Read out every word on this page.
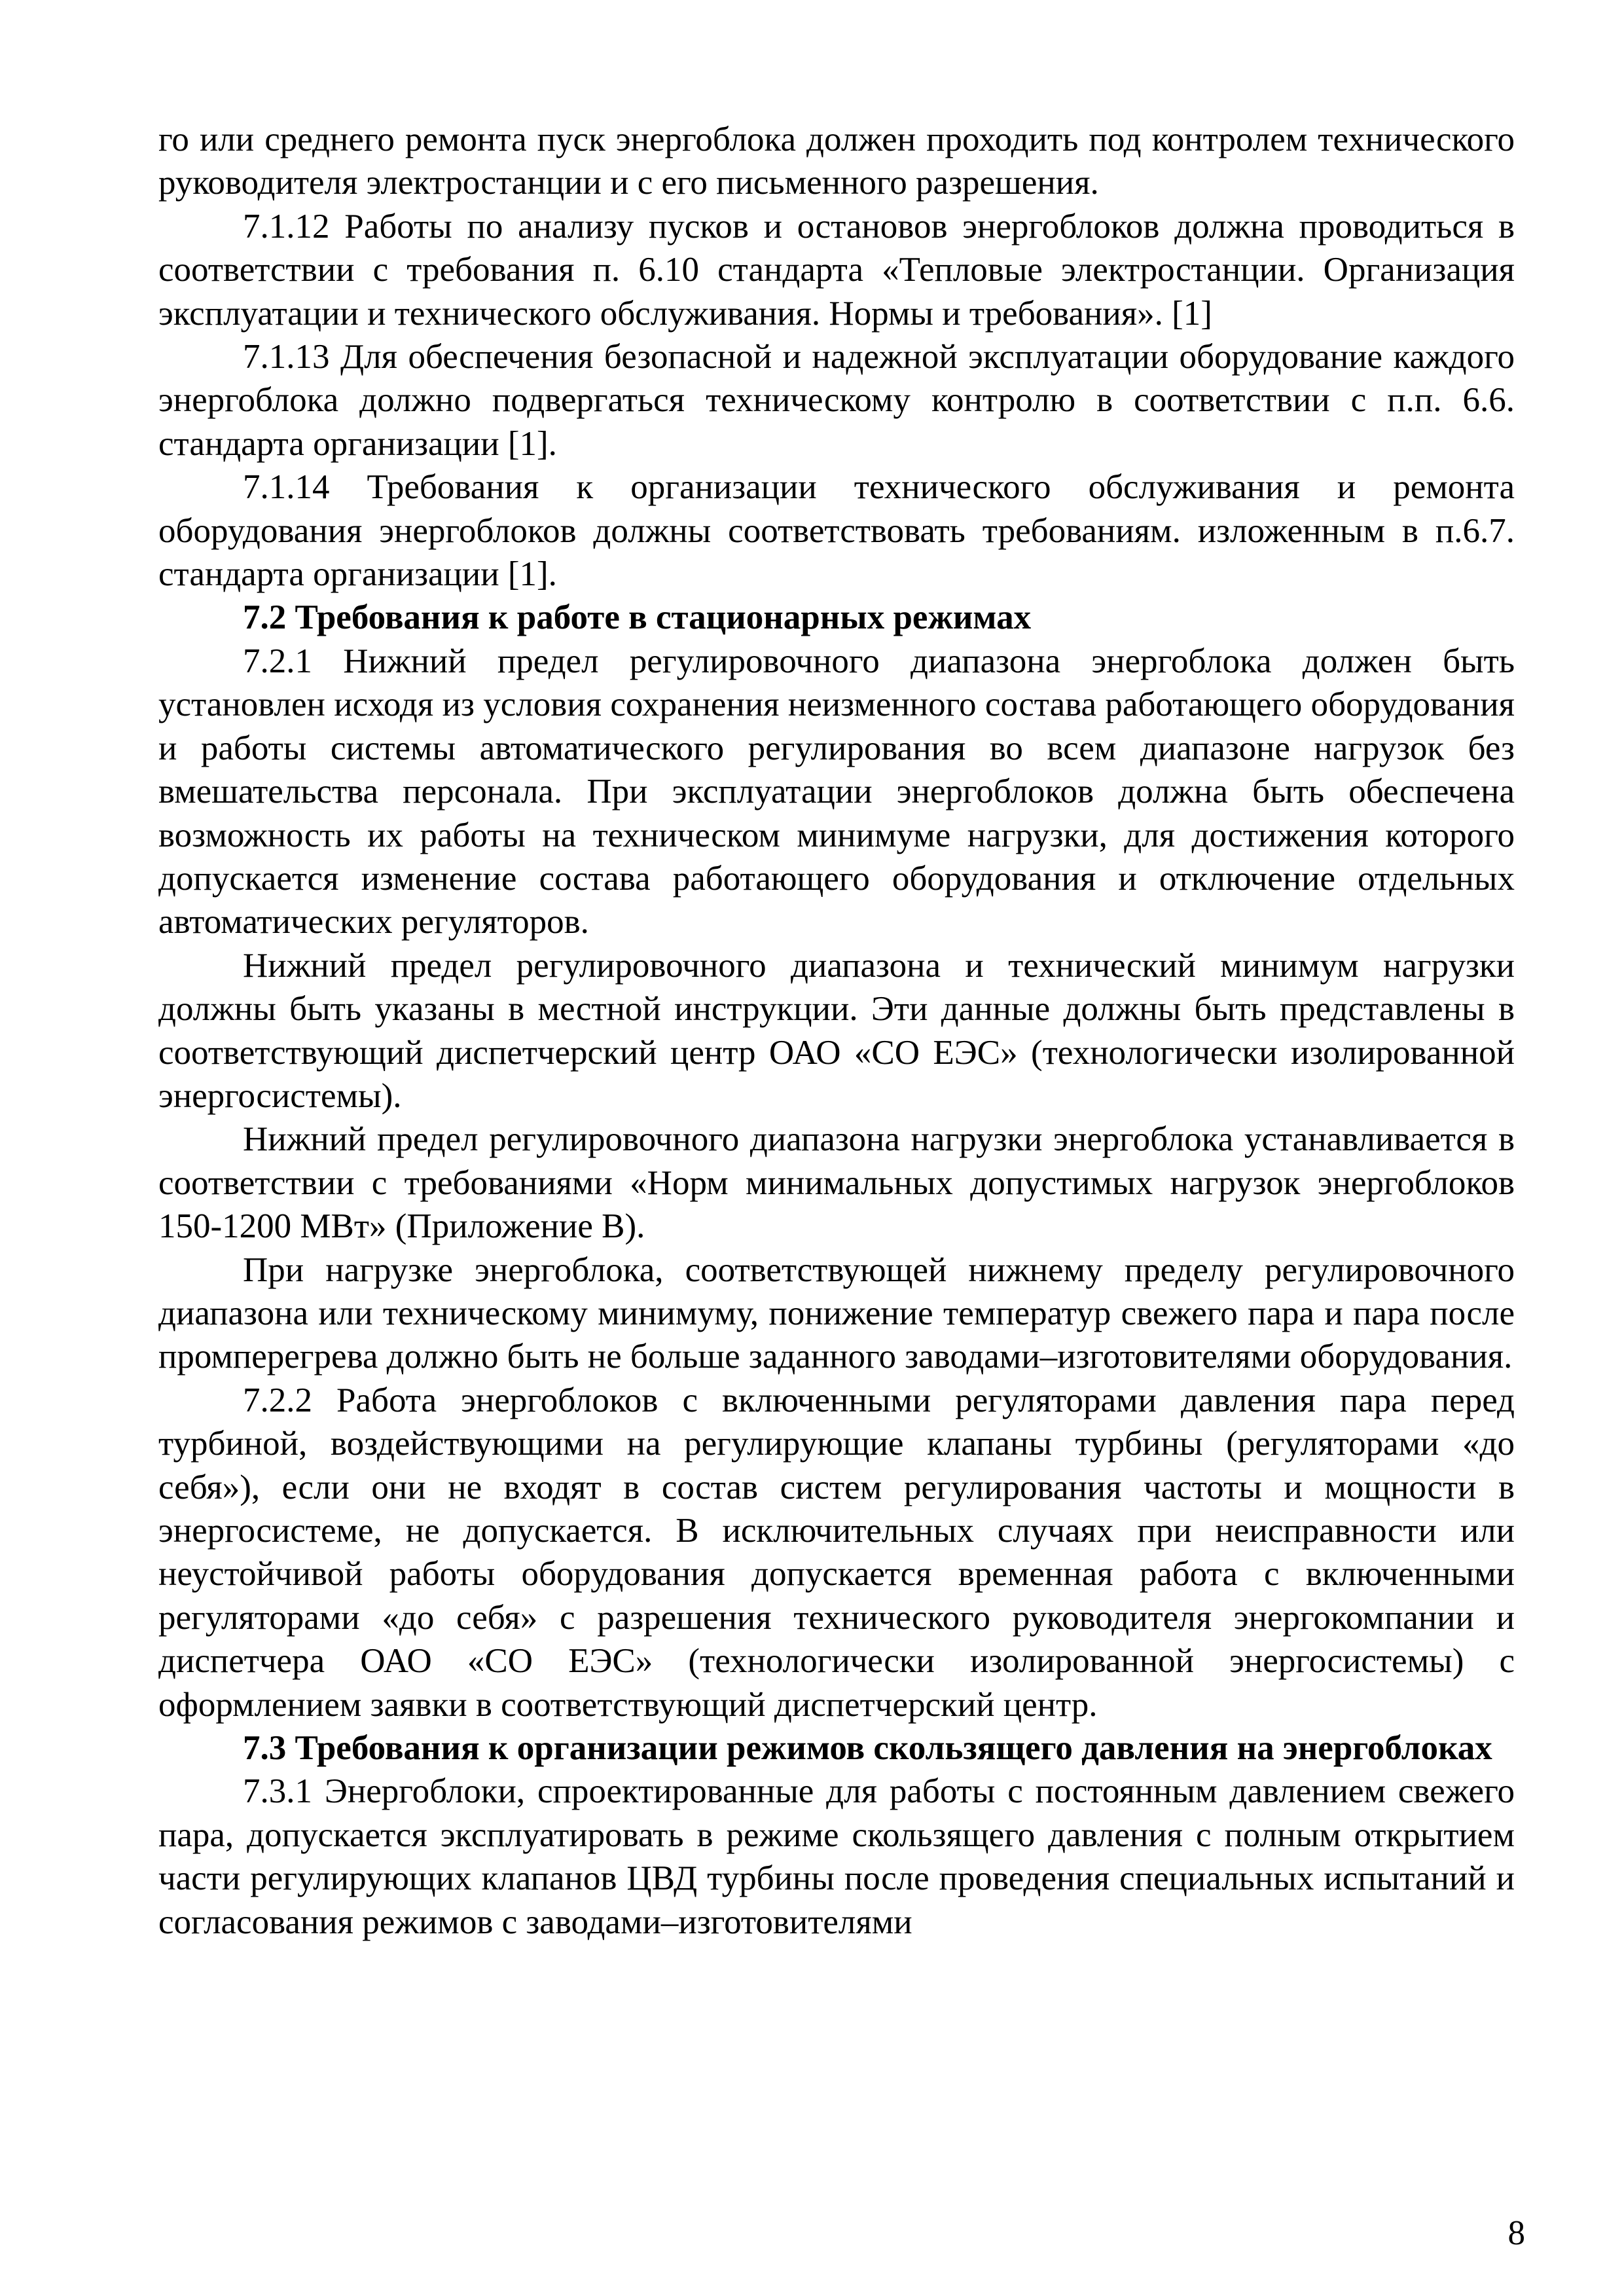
го или среднего ремонта пуск энергоблока должен проходить под контролем технического руководителя электростанции и с его письменного разрешения.

7.1.12 Работы по анализу пусков и остановов энергоблоков должна проводиться в соответствии с требования п. 6.10 стандарта «Тепловые электростанции. Организация эксплуатации и технического обслуживания. Нормы и требования». [1]

7.1.13 Для обеспечения безопасной и надежной эксплуатации оборудование каждого энергоблока должно подвергаться техническому контролю в соответствии с п.п. 6.6. стандарта организации [1].

7.1.14 Требования к организации технического обслуживания и ремонта оборудования энергоблоков должны соответствовать требованиям. изложенным в п.6.7. стандарта организации [1].

7.2 Требования к работе в стационарных режимах

7.2.1 Нижний предел регулировочного диапазона энергоблока должен быть установлен исходя из условия сохранения неизменного состава работающего оборудования и работы системы автоматического регулирования во всем диапазоне нагрузок без вмешательства персонала. При эксплуатации энергоблоков должна быть обеспечена возможность их работы на техническом минимуме нагрузки, для достижения которого допускается изменение состава работающего оборудования и отключение отдельных автоматических регуляторов.

Нижний предел регулировочного диапазона и технический минимум нагрузки должны быть указаны в местной инструкции. Эти данные должны быть представлены в соответствующий диспетчерский центр ОАО «СО ЕЭС» (технологически изолированной энергосистемы).

Нижний предел регулировочного диапазона нагрузки энергоблока устанавливается в соответствии с требованиями «Норм минимальных допустимых нагрузок энергоблоков 150-1200 МВт» (Приложение В).

При нагрузке энергоблока, соответствующей нижнему пределу регулировочного диапазона или техническому минимуму, понижение температур свежего пара и пара после промперегрева должно быть не больше заданного заводами–изготовителями оборудования.

7.2.2 Работа энергоблоков с включенными регуляторами давления пара перед турбиной, воздействующими на регулирующие клапаны турбины (регуляторами «до себя»), если они не входят в состав систем регулирования частоты и мощности в энергосистеме, не допускается. В исключительных случаях при неисправности или неустойчивой работы оборудования допускается временная работа с включенными регуляторами «до себя» с разрешения технического руководителя энергокомпании и диспетчера ОАО «СО ЕЭС» (технологически изолированной энергосистемы) с оформлением заявки в соответствующий диспетчерский центр.

7.3 Требования к организации режимов скользящего давления на энергоблоках

7.3.1 Энергоблоки, спроектированные для работы с постоянным давлением свежего пара, допускается эксплуатировать в режиме скользящего давления с полным открытием части регулирующих клапанов ЦВД турбины после проведения специальных испытаний и согласования режимов с заводами–изготовителями

8
